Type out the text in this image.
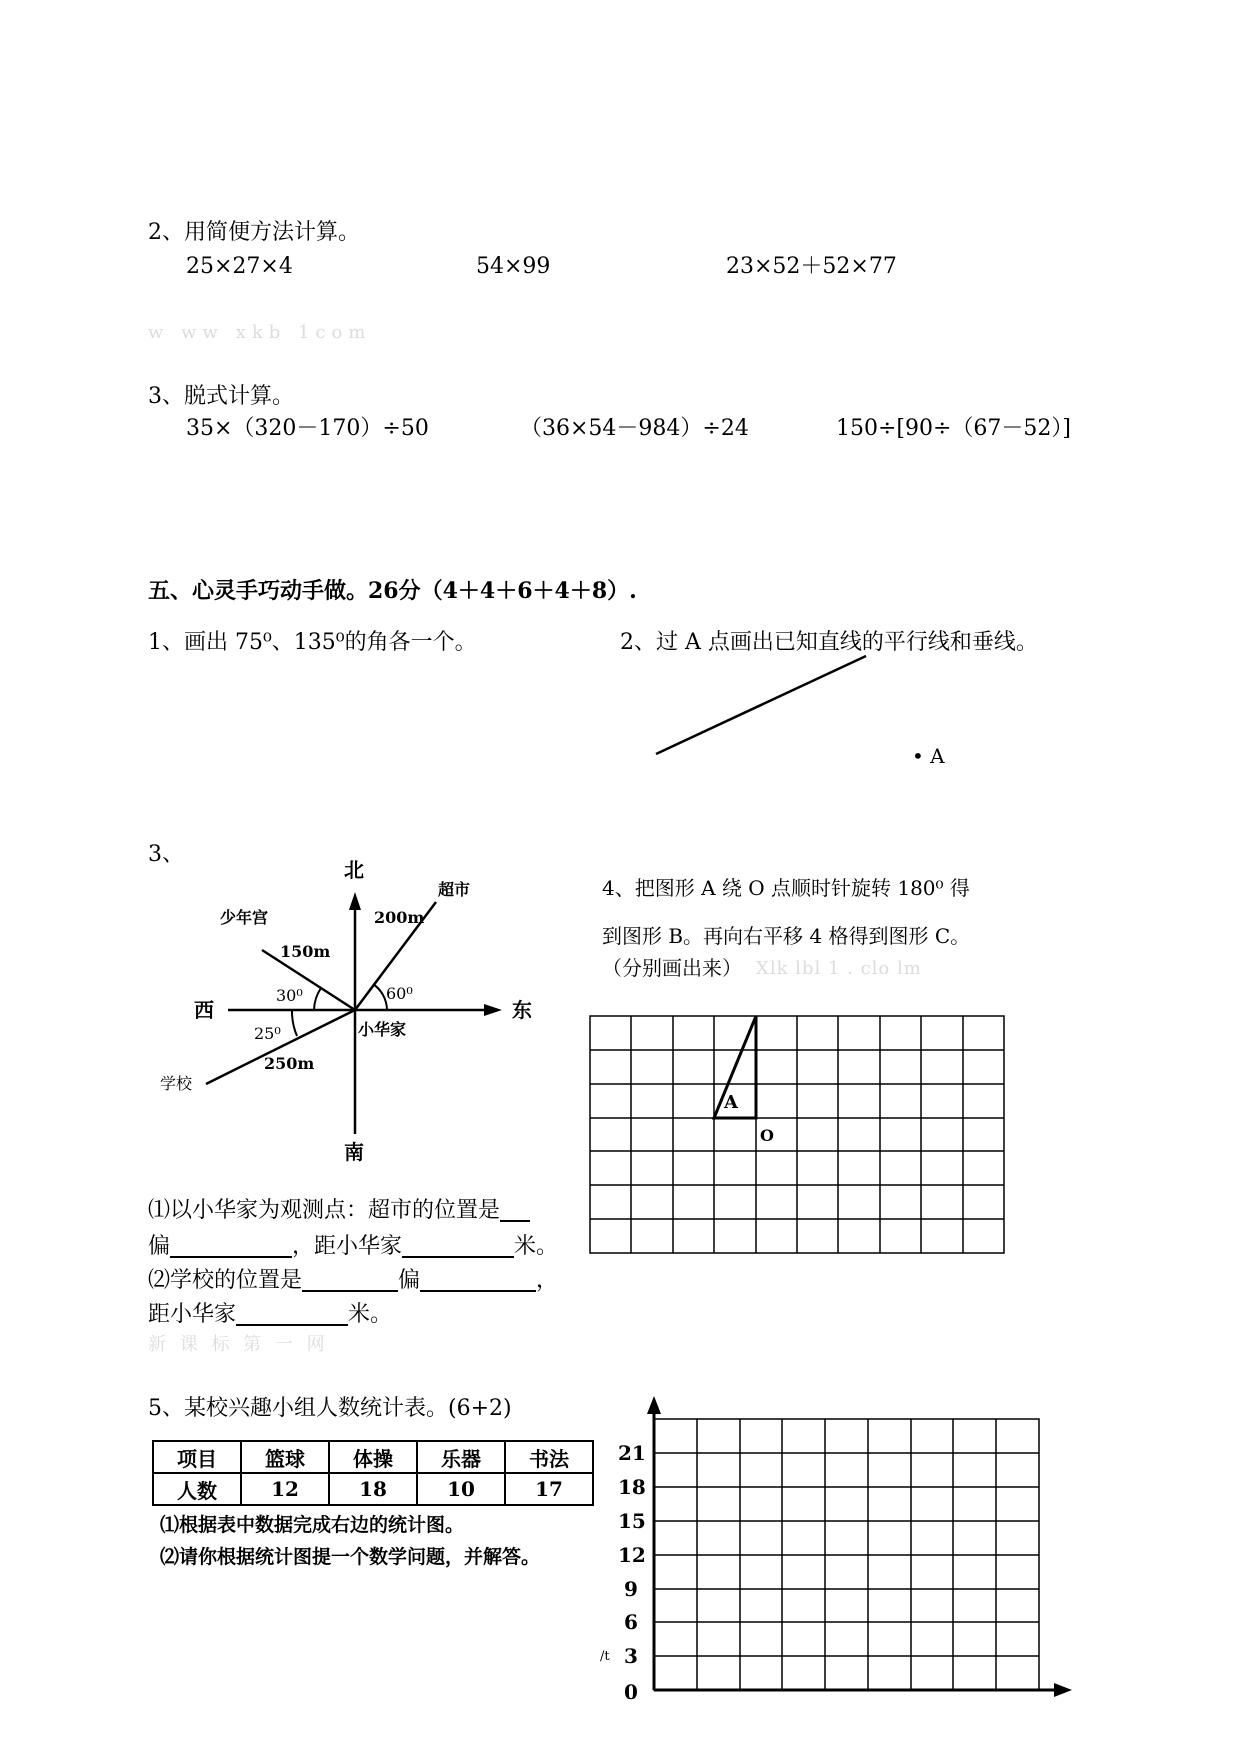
2、用简便方法计算。
25×27×4	54×99	23×52＋52×77
w ww xkb 1com
3、脱式计算。
35×（320－170）÷50	（36×54－984）÷24	150÷[90÷（67－52）]
五、心灵手巧动手做。26分（4＋4＋6＋4＋8）.
1、画出 75⁰、135⁰的角各一个。	2、过 A 点画出已知直线的平行线和垂线。
• A
3、
北
南
西	东
小华家
超市
200m
60⁰
少年宫
150m
30⁰
学校
250m
25⁰
⑴以小华家为观测点：超市的位置是
偏	，距小华家	米。
⑵学校的位置是	偏	，
距小华家	米。
新 课 标 第 一 网
4、把图形 A 绕 O 点顺时针旋转 180⁰ 得
到图形 B。再向右平移 4 格得到图形 C。
（分别画出来） Xlk lbl 1 . clo lm
A
O
5、某校兴趣小组人数统计表。(6+2)
项目	篮球	体操	乐器	书法
人数	12	18	10	17
⑴根据表中数据完成右边的统计图。
⑵请你根据统计图提一个数学问题，并解答。
21
18
15
12
9
6
3
0
/t
